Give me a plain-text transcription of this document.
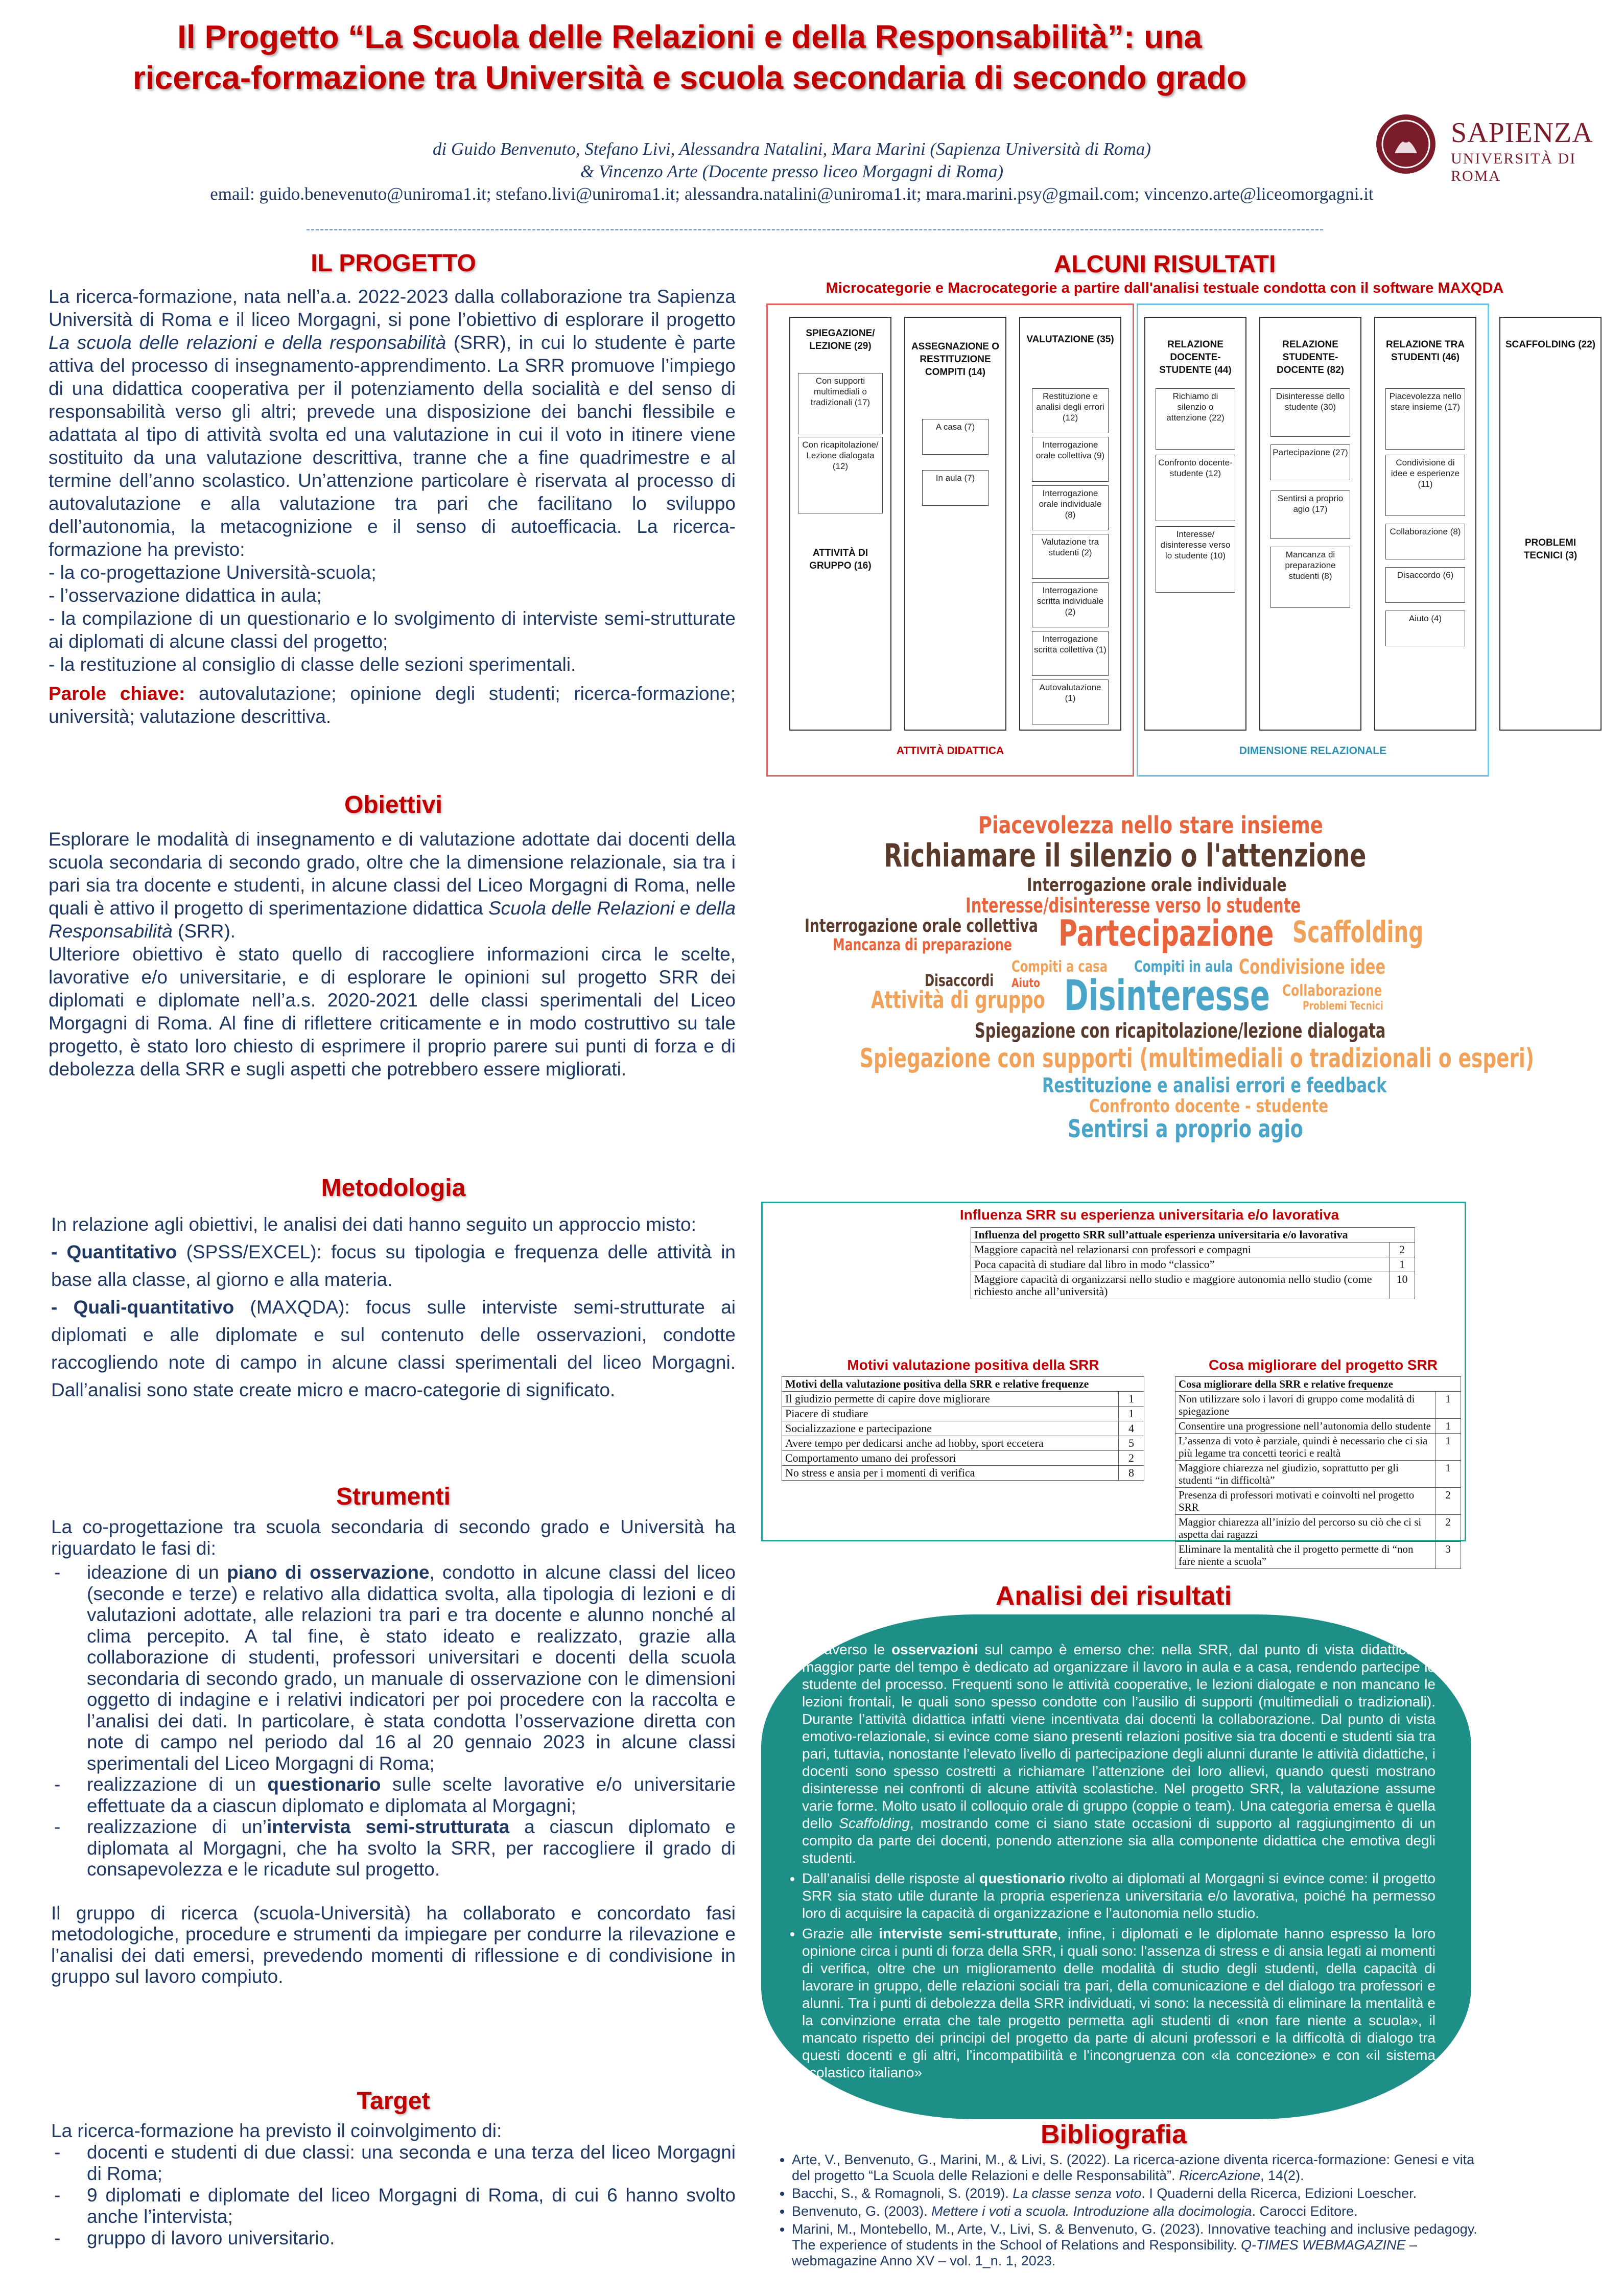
Il Progetto “La Scuola delle Relazioni e della Responsabilità”: una
ricerca-formazione tra Università e scuola secondaria di secondo grado
di Guido Benvenuto, Stefano Livi, Alessandra Natalini, Mara Marini (Sapienza Università di Roma)
& Vincenzo Arte (Docente presso liceo Morgagni di Roma)
email: guido.benevenuto@uniroma1.it; stefano.livi@uniroma1.it; alessandra.natalini@uniroma1.it; mara.marini.psy@gmail.com; vincenzo.arte@liceomorgagni.it
SAPIENZA
UNIVERSITÀ DI ROMA
IL PROGETTO
La ricerca-formazione, nata nell’a.a. 2022-2023 dalla collaborazione tra Sapienza Università di Roma e il liceo Morgagni, si pone l’obiettivo di esplorare il progetto La scuola delle relazioni e della responsabilità (SRR), in cui lo studente è parte attiva del processo di insegnamento-apprendimento. La SRR promuove l’impiego di una didattica cooperativa per il potenziamento della socialità e del senso di responsabilità verso gli altri; prevede una disposizione dei banchi flessibile e adattata al tipo di attività svolta ed una valutazione in cui il voto in itinere viene sostituito da una valutazione descrittiva, tranne che a fine quadrimestre e al termine dell’anno scolastico. Un’attenzione particolare è riservata al processo di autovalutazione e alla valutazione tra pari che facilitano lo sviluppo dell’autonomia, la metacognizione e il senso di autoefficacia. La ricerca-formazione ha previsto:
- la co-progettazione Università-scuola;
- l’osservazione didattica in aula;
- la compilazione di un questionario e lo svolgimento di interviste semi-strutturate ai diplomati di alcune classi del progetto;
- la restituzione al consiglio di classe delle sezioni sperimentali.
Parole chiave: autovalutazione; opinione degli studenti; ricerca-formazione; università; valutazione descrittiva.
Obiettivi
Esplorare le modalità di insegnamento e di valutazione adottate dai docenti della scuola secondaria di secondo grado, oltre che la dimensione relazionale, sia tra i pari sia tra docente e studenti, in alcune classi del Liceo Morgagni di Roma, nelle quali è attivo il progetto di sperimentazione didattica Scuola delle Relazioni e della Responsabilità (SRR).
Ulteriore obiettivo è stato quello di raccogliere informazioni circa le scelte, lavorative e/o universitarie, e di esplorare le opinioni sul progetto SRR dei diplomati e diplomate nell’a.s. 2020-2021 delle classi sperimentali del Liceo Morgagni di Roma. Al fine di riflettere criticamente e in modo costruttivo su tale progetto, è stato loro chiesto di esprimere il proprio parere sui punti di forza e di debolezza della SRR e sugli aspetti che potrebbero essere migliorati.
Metodologia
In relazione agli obiettivi, le analisi dei dati hanno seguito un approccio misto:
- Quantitativo (SPSS/EXCEL): focus su tipologia e frequenza delle attività in base alla classe, al giorno e alla materia.
- Quali-quantitativo (MAXQDA): focus sulle interviste semi-strutturate ai diplomati e alle diplomate e sul contenuto delle osservazioni, condotte raccogliendo note di campo in alcune classi sperimentali del liceo Morgagni. Dall’analisi sono state create micro e macro-categorie di significato.
Strumenti
La co-progettazione tra scuola secondaria di secondo grado e Università ha riguardato le fasi di:
- ideazione di un piano di osservazione, condotto in alcune classi del liceo (seconde e terze) e relativo alla didattica svolta, alla tipologia di lezioni e di valutazioni adottate, alle relazioni tra pari e tra docente e alunno nonché al clima percepito. A tal fine, è stato ideato e realizzato, grazie alla collaborazione di studenti, professori universitari e docenti della scuola secondaria di secondo grado, un manuale di osservazione con le dimensioni oggetto di indagine e i relativi indicatori per poi procedere con la raccolta e l’analisi dei dati. In particolare, è stata condotta l’osservazione diretta con note di campo nel periodo dal 16 al 20 gennaio 2023 in alcune classi sperimentali del Liceo Morgagni di Roma;
- realizzazione di un questionario sulle scelte lavorative e/o universitarie effettuate da a ciascun diplomato e diplomata al Morgagni;
- realizzazione di un’intervista semi-strutturata a ciascun diplomato e diplomata al Morgagni, che ha svolto la SRR, per raccogliere il grado di consapevolezza e le ricadute sul progetto.
Il gruppo di ricerca (scuola-Università) ha collaborato e concordato fasi metodologiche, procedure e strumenti da impiegare per condurre la rilevazione e l’analisi dei dati emersi, prevedendo momenti di riflessione e di condivisione in gruppo sul lavoro compiuto.
Target
La ricerca-formazione ha previsto il coinvolgimento di:
- docenti e studenti di due classi: una seconda e una terza del liceo Morgagni di Roma;
- 9 diplomati e diplomate del liceo Morgagni di Roma, di cui 6 hanno svolto anche l’intervista;
- gruppo di lavoro universitario.
ALCUNI RISULTATI
Microcategorie e Macrocategorie a partire dall'analisi testuale condotta con il software MAXQDA
SPIEGAZIONE/ LEZIONE (29)
Con supporti multimediali o tradizionali (17)
Con ricapitolazione/ Lezione dialogata (12)
ATTIVITÀ DI GRUPPO (16)
ASSEGNAZIONE O RESTITUZIONE COMPITI (14)
A casa (7)
In aula (7)
VALUTAZIONE (35)
Restituzione e analisi degli errori (12)
Interrogazione orale collettiva (9)
Interrogazione orale individuale (8)
Valutazione tra studenti (2)
Interrogazione scritta individuale (2)
Interrogazione scritta collettiva (1)
Autovalutazione (1)
RELAZIONE DOCENTE-STUDENTE (44)
Richiamo di silenzio o attenzione (22)
Confronto docente-studente (12)
Interesse/ disinteresse verso lo studente (10)
RELAZIONE STUDENTE-DOCENTE (82)
Disinteresse dello studente (30)
Partecipazione (27)
Sentirsi a proprio agio (17)
Mancanza di preparazione studenti (8)
RELAZIONE TRA STUDENTI (46)
Piacevolezza nello stare insieme (17)
Condivisione di idee e esperienze (11)
Collaborazione (8)
Disaccordo (6)
Aiuto (4)
SCAFFOLDING (22)
PROBLEMI TECNICI (3)
ATTIVITÀ DIDATTICA	DIMENSIONE RELAZIONALE
Piacevolezza nello stare insieme
Richiamare il silenzio o l'attenzione
Interrogazione orale individuale
Interesse/disinteresse verso lo studente
Interrogazione orale collettiva Partecipazione Scaffolding
Mancanza di preparazione
Compiti a casa Compiti in aula Condivisione idee
Disaccordi Aiuto
Attività di gruppo Disinteresse Collaborazione
Problemi Tecnici
Spiegazione con ricapitolazione/lezione dialogata
Spiegazione con supporti (multimediali o tradizionali o esperi)
Restituzione e analisi errori e feedback
Confronto docente - studente
Sentirsi a proprio agio
Influenza SRR su esperienza universitaria e/o lavorativa
Influenza del progetto SRR sull’attuale esperienza universitaria e/o lavorativa	
Maggiore capacità nel relazionarsi con professori e compagni	2
Poca capacità di studiare dal libro in modo “classico”	1
Maggiore capacità di organizzarsi nello studio e maggiore autonomia nello studio (come richiesto anche all’università)	10
Motivi valutazione positiva della SRR
Motivi della valutazione positiva della SRR e relative frequenze	
Il giudizio permette di capire dove migliorare	1
Piacere di studiare	1
Socializzazione e partecipazione	4
Avere tempo per dedicarsi anche ad hobby, sport eccetera	5
Comportamento umano dei professori	2
No stress e ansia per i momenti di verifica	8
Cosa migliorare del progetto SRR
Cosa migliorare della SRR e relative frequenze	
Non utilizzare solo i lavori di gruppo come modalità di spiegazione	1
Consentire una progressione nell’autonomia dello studente	1
L’assenza di voto è parziale, quindi è necessario che ci sia più legame tra concetti teorici e realtà	1
Maggiore chiarezza nel giudizio, soprattutto per gli studenti “in difficoltà”	1
Presenza di professori motivati e coinvolti nel progetto SRR	2
Maggior chiarezza all’inizio del percorso su ciò che ci si aspetta dai ragazzi	2
Eliminare la mentalità che il progetto permette di “non fare niente a scuola”	3
Analisi dei risultati
• Attraverso le osservazioni sul campo è emerso che: nella SRR, dal punto di vista didattico, la maggior parte del tempo è dedicato ad organizzare il lavoro in aula e a casa, rendendo partecipe lo studente del processo. Frequenti sono le attività cooperative, le lezioni dialogate e non mancano le lezioni frontali, le quali sono spesso condotte con l’ausilio di supporti (multimediali o tradizionali). Durante l’attività didattica infatti viene incentivata dai docenti la collaborazione. Dal punto di vista emotivo-relazionale, si evince come siano presenti relazioni positive sia tra docenti e studenti sia tra pari, tuttavia, nonostante l’elevato livello di partecipazione degli alunni durante le attività didattiche, i docenti sono spesso costretti a richiamare l’attenzione dei loro allievi, quando questi mostrano disinteresse nei confronti di alcune attività scolastiche. Nel progetto SRR, la valutazione assume varie forme. Molto usato il colloquio orale di gruppo (coppie o team). Una categoria emersa è quella dello Scaffolding, mostrando come ci siano state occasioni di supporto al raggiungimento di un compito da parte dei docenti, ponendo attenzione sia alla componente didattica che emotiva degli studenti.
• Dall’analisi delle risposte al questionario rivolto ai diplomati al Morgagni si evince come: il progetto SRR sia stato utile durante la propria esperienza universitaria e/o lavorativa, poiché ha permesso loro di acquisire la capacità di organizzazione e l’autonomia nello studio.
• Grazie alle interviste semi-strutturate, infine, i diplomati e le diplomate hanno espresso la loro opinione circa i punti di forza della SRR, i quali sono: l’assenza di stress e di ansia legati ai momenti di verifica, oltre che un miglioramento delle modalità di studio degli studenti, della capacità di lavorare in gruppo, delle relazioni sociali tra pari, della comunicazione e del dialogo tra professori e alunni. Tra i punti di debolezza della SRR individuati, vi sono: la necessità di eliminare la mentalità e la convinzione errata che tale progetto permetta agli studenti di «non fare niente a scuola», il mancato rispetto dei principi del progetto da parte di alcuni professori e la difficoltà di dialogo tra questi docenti e gli altri, l’incompatibilità e l’incongruenza con «la concezione» e con «il sistema scolastico italiano»
Bibliografia
• Arte, V., Benvenuto, G., Marini, M., & Livi, S. (2022). La ricerca-azione diventa ricerca-formazione: Genesi e vita del progetto “La Scuola delle Relazioni e delle Responsabilità”. RicercAzione, 14(2).
• Bacchi, S., & Romagnoli, S. (2019). La classe senza voto. I Quaderni della Ricerca, Edizioni Loescher.
• Benvenuto, G. (2003). Mettere i voti a scuola. Introduzione alla docimologia. Carocci Editore.
• Marini, M., Montebello, M., Arte, V., Livi, S. & Benvenuto, G. (2023). Innovative teaching and inclusive pedagogy. The experience of students in the School of Relations and Responsibility. Q-TIMES WEBMAGAZINE – webmagazine Anno XV – vol. 1_n. 1, 2023.
